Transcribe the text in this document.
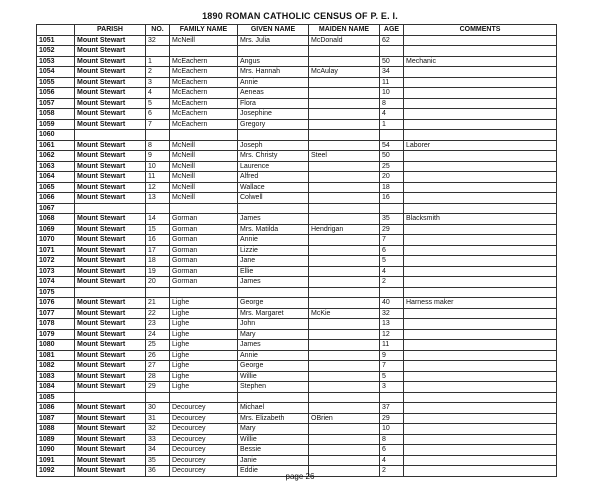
1890 ROMAN CATHOLIC CENSUS OF P. E. I.
	PARISH	NO.	FAMILY NAME	GIVEN NAME	MAIDEN NAME	AGE	COMMENTS
1051	Mount Stewart	32	McNeill	Mrs. Julia	McDonald	62	
1052	Mount Stewart						
1053	Mount Stewart	1	McEachern	Angus		50	Mechanic
1054	Mount Stewart	2	McEachern	Mrs. Hannah	McAulay	34	
1055	Mount Stewart	3	McEachern	Annie		11	
1056	Mount Stewart	4	McEachern	Aeneas		10	
1057	Mount Stewart	5	McEachern	Flora		8	
1058	Mount Stewart	6	McEachern	Josephine		4	
1059	Mount Stewart	7	McEachern	Gregory		1	
1060							
1061	Mount Stewart	8	McNeill	Joseph		54	Laborer
1062	Mount Stewart	9	McNeill	Mrs. Christy	Steel	50	
1063	Mount Stewart	10	McNeill	Laurence		25	
1064	Mount Stewart	11	McNeill	Alfred		20	
1065	Mount Stewart	12	McNeill	Wallace		18	
1066	Mount Stewart	13	McNeill	Colwell		16	
1067							
1068	Mount Stewart	14	Gorman	James		35	Blacksmith
1069	Mount Stewart	15	Gorman	Mrs. Matilda	Hendrigan	29	
1070	Mount Stewart	16	Gorman	Annie		7	
1071	Mount Stewart	17	Gorman	Lizzie		6	
1072	Mount Stewart	18	Gorman	Jane		5	
1073	Mount Stewart	19	Gorman	Ellie		4	
1074	Mount Stewart	20	Gorman	James		2	
1075							
1076	Mount Stewart	21	Lighe	George		40	Harness maker
1077	Mount Stewart	22	Lighe	Mrs. Margaret	McKie	32	
1078	Mount Stewart	23	Lighe	John		13	
1079	Mount Stewart	24	Lighe	Mary		12	
1080	Mount Stewart	25	Lighe	James		11	
1081	Mount Stewart	26	Lighe	Annie		9	
1082	Mount Stewart	27	Lighe	George		7	
1083	Mount Stewart	28	Lighe	Willie		5	
1084	Mount Stewart	29	Lighe	Stephen		3	
1085							
1086	Mount Stewart	30	Decourcey	Michael		37	
1087	Mount Stewart	31	Decourcey	Mrs. Elizabeth	OBrien	29	
1088	Mount Stewart	32	Decourcey	Mary		10	
1089	Mount Stewart	33	Decourcey	Willie		8	
1090	Mount Stewart	34	Decourcey	Bessie		6	
1091	Mount Stewart	35	Decourcey	Janie		4	
1092	Mount Stewart	36	Decourcey	Eddie		2	
page 26
